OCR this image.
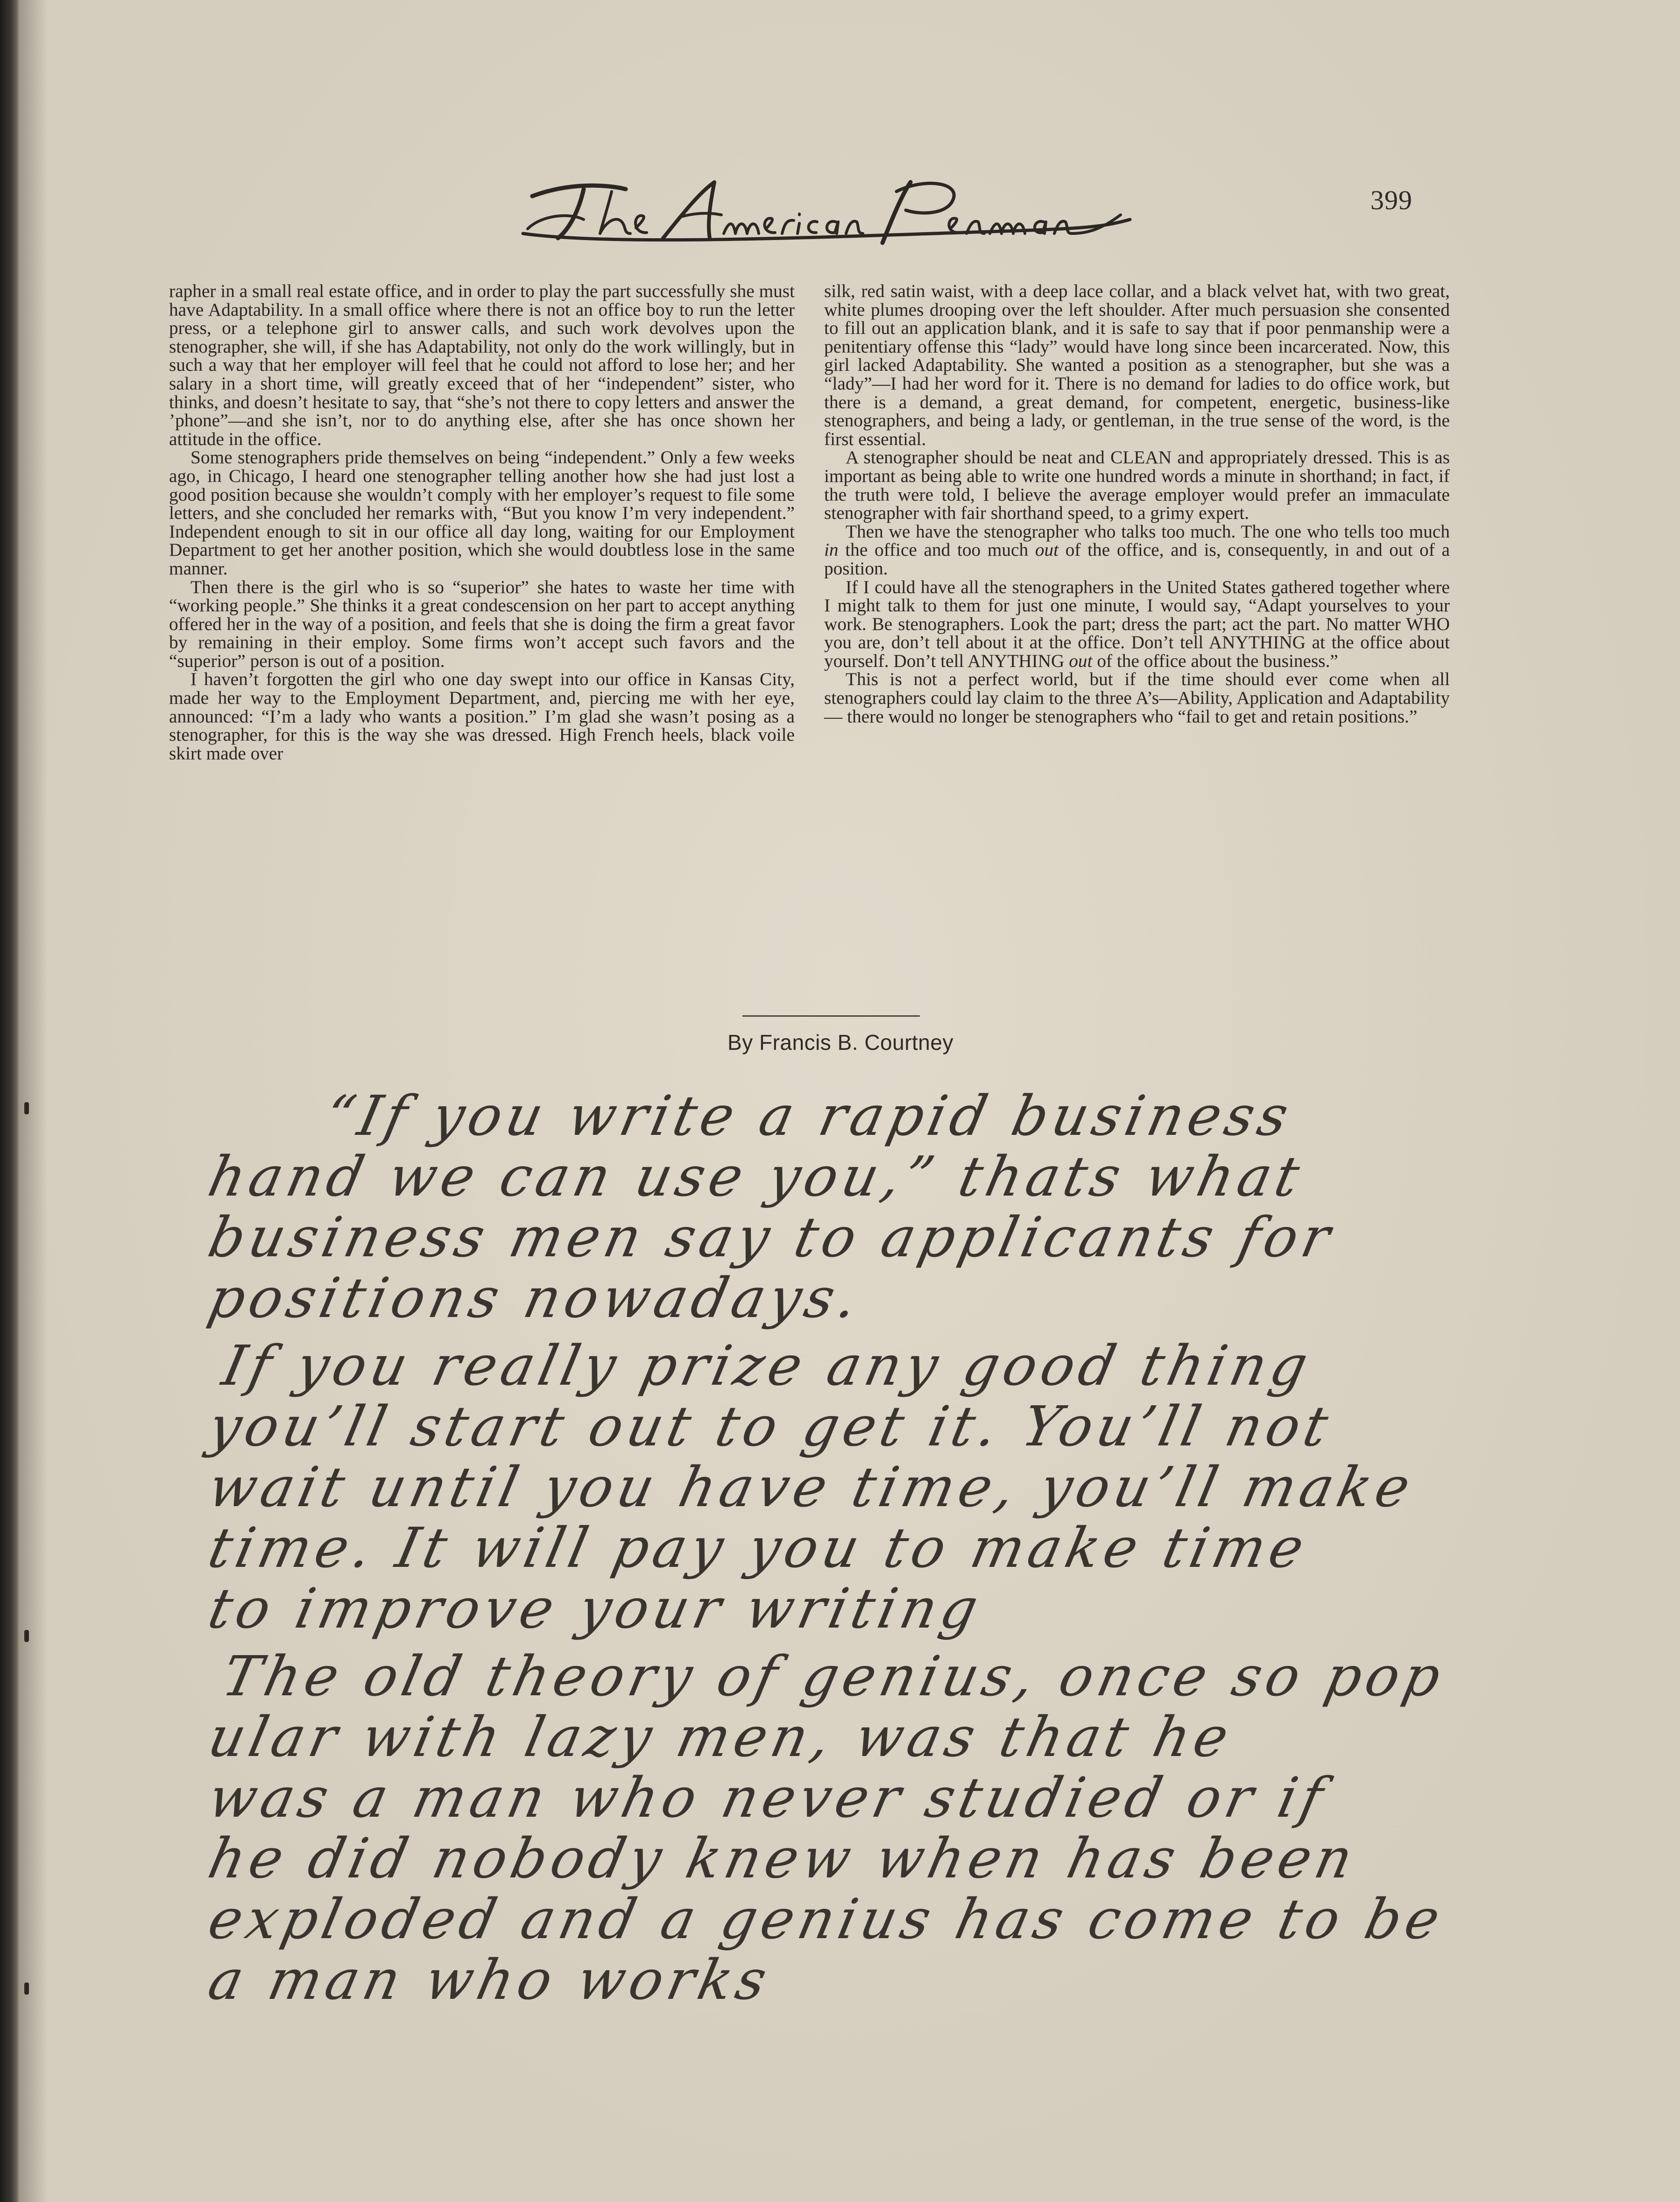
399

rapher in a small real estate office, and in order to play the part successfully she must have Adaptability. In a small office where there is not an office boy to run the letter press, or a telephone girl to answer calls, and such work devolves upon the stenographer, she will, if she has Adaptability, not only do the work willingly, but in such a way that her employer will feel that he could not afford to lose her; and her salary in a short time, will greatly exceed that of her “independent” sister, who thinks, and doesn’t hesitate to say, that “she’s not there to copy letters and answer the ’phone”—and she isn’t, nor to do anything else, after she has once shown her attitude in the office.

Some stenographers pride themselves on being “independent.” Only a few weeks ago, in Chicago, I heard one stenographer telling another how she had just lost a good position because she wouldn’t comply with her employer’s request to file some letters, and she concluded her remarks with, “But you know I’m very independent.” Independent enough to sit in our office all day long, waiting for our Employment Department to get her another position, which she would doubtless lose in the same manner.

Then there is the girl who is so “superior” she hates to waste her time with “working people.” She thinks it a great condescension on her part to accept anything offered her in the way of a position, and feels that she is doing the firm a great favor by remaining in their employ. Some firms won’t accept such favors and the “superior” person is out of a position.

I haven’t forgotten the girl who one day swept into our office in Kansas City, made her way to the Employment Department, and, piercing me with her eye, announced: “I’m a lady who wants a position.” I’m glad she wasn’t posing as a stenographer, for this is the way she was dressed. High French heels, black voile skirt made over

silk, red satin waist, with a deep lace collar, and a black velvet hat, with two great, white plumes drooping over the left shoulder. After much persuasion she consented to fill out an application blank, and it is safe to say that if poor penmanship were a penitentiary offense this “lady” would have long since been incarcerated. Now, this girl lacked Adaptability. She wanted a position as a stenographer, but she was a “lady”—I had her word for it. There is no demand for ladies to do office work, but there is a demand, a great demand, for competent, energetic, business-like stenographers, and being a lady, or gentleman, in the true sense of the word, is the first essential.

A stenographer should be neat and CLEAN and appropriately dressed. This is as important as being able to write one hundred words a minute in shorthand; in fact, if the truth were told, I believe the average employer would prefer an immaculate stenographer with fair shorthand speed, to a grimy expert.

Then we have the stenographer who talks too much. The one who tells too much in the office and too much out of the office, and is, consequently, in and out of a position.

If I could have all the stenographers in the United States gathered together where I might talk to them for just one minute, I would say, “Adapt yourselves to your work. Be stenographers. Look the part; dress the part; act the part. No matter WHO you are, don’t tell about it at the office. Don’t tell ANYTHING at the office about yourself. Don’t tell ANYTHING out of the office about the business.”

This is not a perfect world, but if the time should ever come when all stenographers could lay claim to the three A’s—Ability, Application and Adaptability— there would no longer be stenographers who “fail to get and retain positions.”

By Francis B. Courtney
“If you write a rapid business
hand we can use you,” thats what
business men say to applicants for
positions nowadays.
If you really prize any good thing
you’ll start out to get it. You’ll not
wait until you have time, you’ll make
time. It will pay you to make time
to improve your writing
The old theory of genius, once so pop
ular with lazy men, was that he
was a man who never studied or if
he did nobody knew when has been
exploded and a genius has come to be
a man who works
